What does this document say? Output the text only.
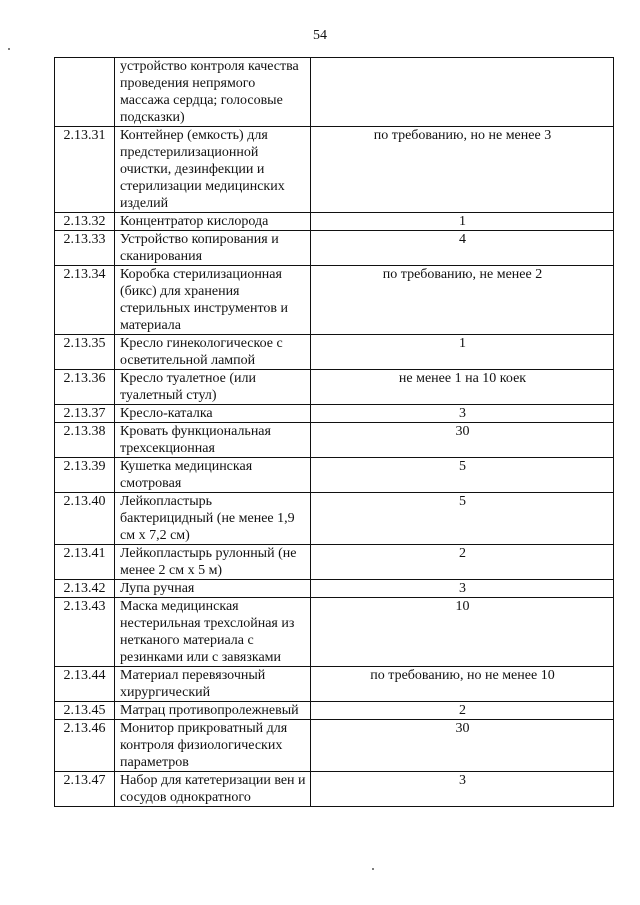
54
	устройство контроля качества проведения непрямого массажа сердца; голосовые подсказки)	
2.13.31	Контейнер (емкость) для предстерилизационной очистки, дезинфекции и стерилизации медицинских изделий	по требованию, но не менее 3
2.13.32	Концентратор кислорода	1
2.13.33	Устройство копирования и сканирования	4
2.13.34	Коробка стерилизационная (бикс) для хранения стерильных инструментов и материала	по требованию, не менее 2
2.13.35	Кресло гинекологическое с осветительной лампой	1
2.13.36	Кресло туалетное (или туалетный стул)	не менее 1 на 10 коек
2.13.37	Кресло-каталка	3
2.13.38	Кровать функциональная трехсекционная	30
2.13.39	Кушетка медицинская смотровая	5
2.13.40	Лейкопластырь бактерицидный (не менее 1,9 см х 7,2 см)	5
2.13.41	Лейкопластырь рулонный (не менее 2 см х 5 м)	2
2.13.42	Лупа ручная	3
2.13.43	Маска медицинская нестерильная трехслойная из нетканого материала с резинками или с завязками	10
2.13.44	Материал перевязочный хирургический	по требованию, но не менее 10
2.13.45	Матрац противопролежневый	2
2.13.46	Монитор прикроватный для контроля физиологических параметров	30
2.13.47	Набор для катетеризации вен и сосудов однократного	3
